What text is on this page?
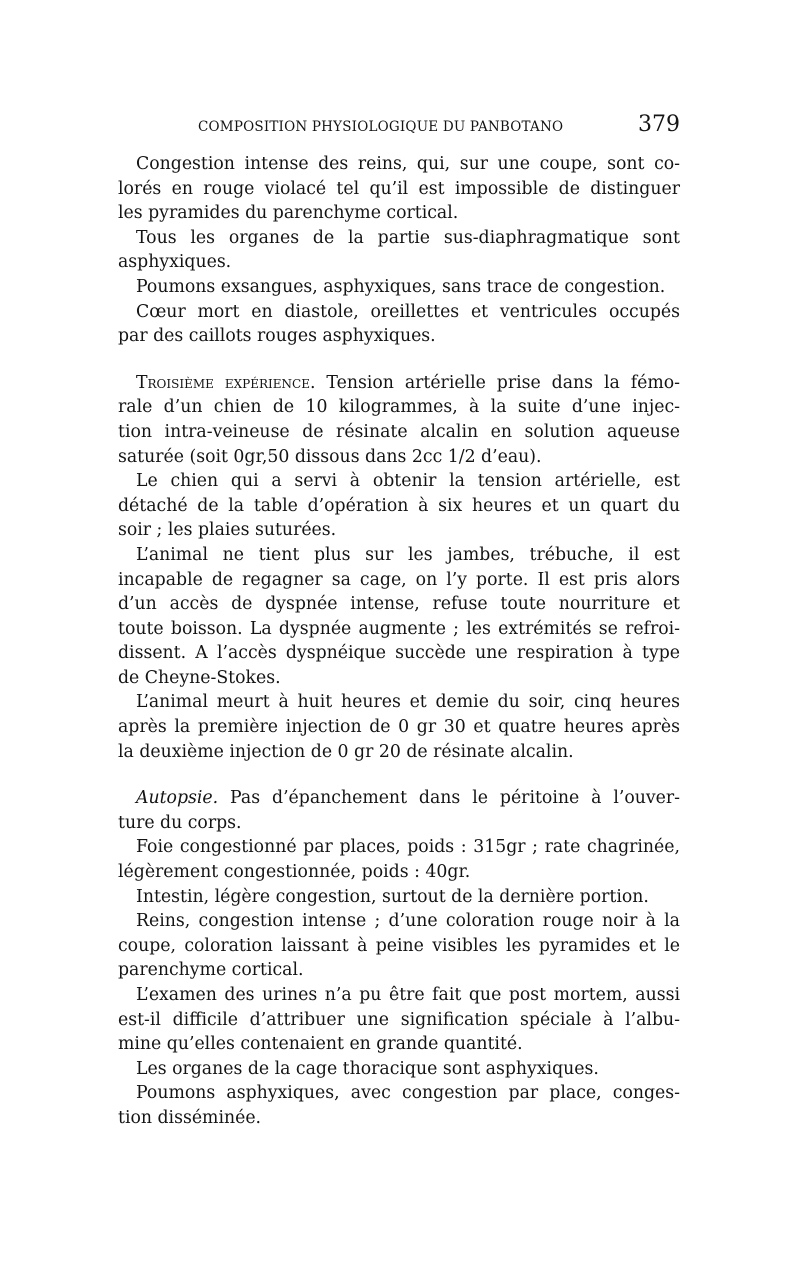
COMPOSITION PHYSIOLOGIQUE DU PANBOTANO	379
Congestion intense des reins, qui, sur une coupe, sont co-
lorés en rouge violacé tel qu’il est impossible de distinguer
les pyramides du parenchyme cortical.
Tous les organes de la partie sus-diaphragmatique sont
asphyxiques.
Poumons exsangues, asphyxiques, sans trace de congestion.
Cœur mort en diastole, oreillettes et ventricules occupés
par des caillots rouges asphyxiques.
Troisième expérience. Tension artérielle prise dans la fémo-
rale d’un chien de 10 kilogrammes, à la suite d’une injec-
tion intra-veineuse de résinate alcalin en solution aqueuse
saturée (soit 0gr,50 dissous dans 2cc 1/2 d’eau).
Le chien qui a servi à obtenir la tension artérielle, est
détaché de la table d’opération à six heures et un quart du
soir ; les plaies suturées.
L’animal ne tient plus sur les jambes, trébuche, il est
incapable de regagner sa cage, on l’y porte. Il est pris alors
d’un accès de dyspnée intense, refuse toute nourriture et
toute boisson. La dyspnée augmente ; les extrémités se refroi-
dissent. A l’accès dyspnéique succède une respiration à type
de Cheyne-Stokes.
L’animal meurt à huit heures et demie du soir, cinq heures
après la première injection de 0 gr 30 et quatre heures après
la deuxième injection de 0 gr 20 de résinate alcalin.
Autopsie. Pas d’épanchement dans le péritoine à l’ouver-
ture du corps.
Foie congestionné par places, poids : 315gr ; rate chagrinée,
légèrement congestionnée, poids : 40gr.
Intestin, légère congestion, surtout de la dernière portion.
Reins, congestion intense ; d’une coloration rouge noir à la
coupe, coloration laissant à peine visibles les pyramides et le
parenchyme cortical.
L’examen des urines n’a pu être fait que post mortem, aussi
est-il difficile d’attribuer une signification spéciale à l’albu-
mine qu’elles contenaient en grande quantité.
Les organes de la cage thoracique sont asphyxiques.
Poumons asphyxiques, avec congestion par place, conges-
tion disséminée.
